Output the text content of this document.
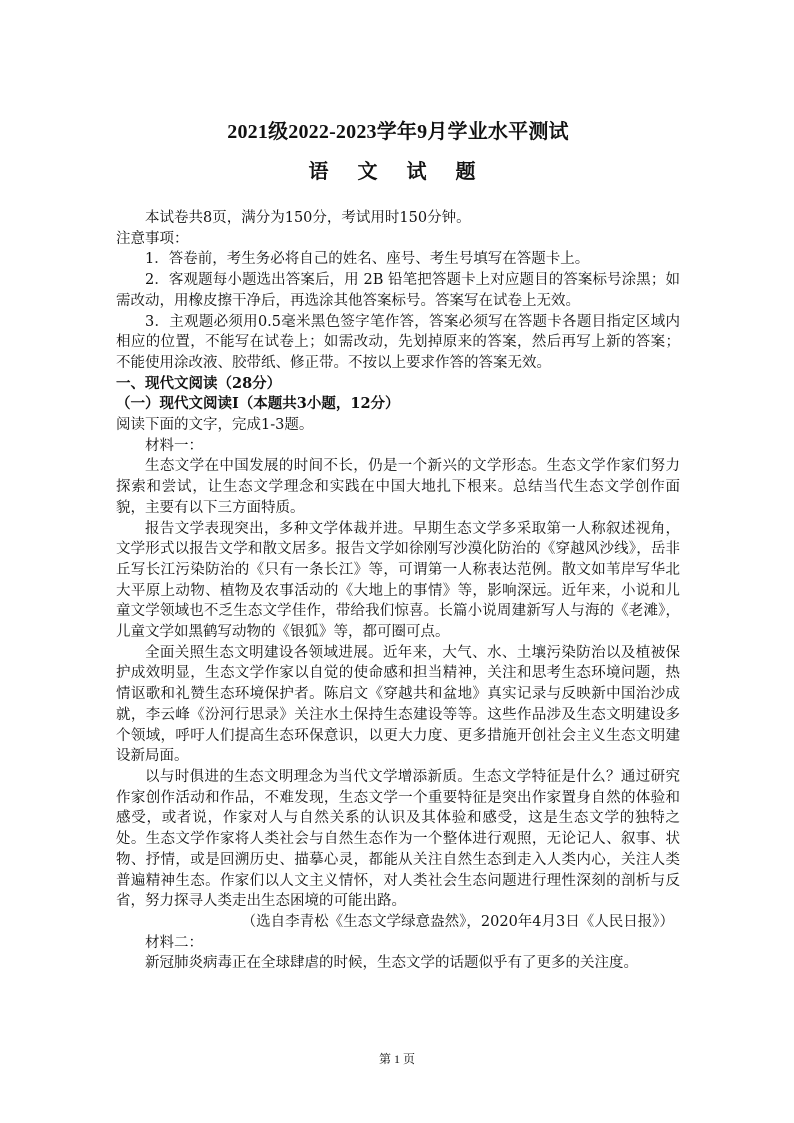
2021级2022-2023学年9月学业水平测试
语 文 试 题

本试卷共8页，满分为150分，考试用时150分钟。

注意事项：

1．答卷前，考生务必将自己的姓名、座号、考生号填写在答题卡上。

2．客观题每小题选出答案后，用 2B 铅笔把答题卡上对应题目的答案标号涂黑；如需改动，用橡皮擦干净后，再选涂其他答案标号。答案写在试卷上无效。

3．主观题必须用0.5毫米黑色签字笔作答，答案必须写在答题卡各题目指定区域内相应的位置，不能写在试卷上；如需改动，先划掉原来的答案，然后再写上新的答案；不能使用涂改液、胶带纸、修正带。不按以上要求作答的答案无效。

一、现代文阅读（28分）

（一）现代文阅读Ⅰ（本题共3小题，12分）

阅读下面的文字，完成1-3题。

材料一：

生态文学在中国发展的时间不长，仍是一个新兴的文学形态。生态文学作家们努力探索和尝试，让生态文学理念和实践在中国大地扎下根来。总结当代生态文学创作面貌，主要有以下三方面特质。

报告文学表现突出，多种文学体裁并进。早期生态文学多采取第一人称叙述视角，文学形式以报告文学和散文居多。报告文学如徐刚写沙漠化防治的《穿越风沙线》，岳非丘写长江污染防治的《只有一条长江》等，可谓第一人称表达范例。散文如苇岸写华北大平原上动物、植物及农事活动的《大地上的事情》等，影响深远。近年来，小说和儿童文学领域也不乏生态文学佳作，带给我们惊喜。长篇小说周建新写人与海的《老滩》，儿童文学如黑鹤写动物的《银狐》等，都可圈可点。

全面关照生态文明建设各领域进展。近年来，大气、水、土壤污染防治以及植被保护成效明显，生态文学作家以自觉的使命感和担当精神，关注和思考生态环境问题，热情讴歌和礼赞生态环境保护者。陈启文《穿越共和盆地》真实记录与反映新中国治沙成就，李云峰《汾河行思录》关注水土保持生态建设等等。这些作品涉及生态文明建设多个领域，呼吁人们提高生态环保意识，以更大力度、更多措施开创社会主义生态文明建设新局面。

以与时俱进的生态文明理念为当代文学增添新质。生态文学特征是什么？通过研究作家创作活动和作品，不难发现，生态文学一个重要特征是突出作家置身自然的体验和感受，或者说，作家对人与自然关系的认识及其体验和感受，这是生态文学的独特之处。生态文学作家将人类社会与自然生态作为一个整体进行观照，无论记人、叙事、状物、抒情，或是回溯历史、描摹心灵，都能从关注自然生态到走入人类内心，关注人类普遍精神生态。作家们以人文主义情怀，对人类社会生态问题进行理性深刻的剖析与反省，努力探寻人类走出生态困境的可能出路。

（选自李青松《生态文学绿意盎然》，2020年4月3日《人民日报》）

材料二：

新冠肺炎病毒正在全球肆虐的时候，生态文学的话题似乎有了更多的关注度。

第 1 页
